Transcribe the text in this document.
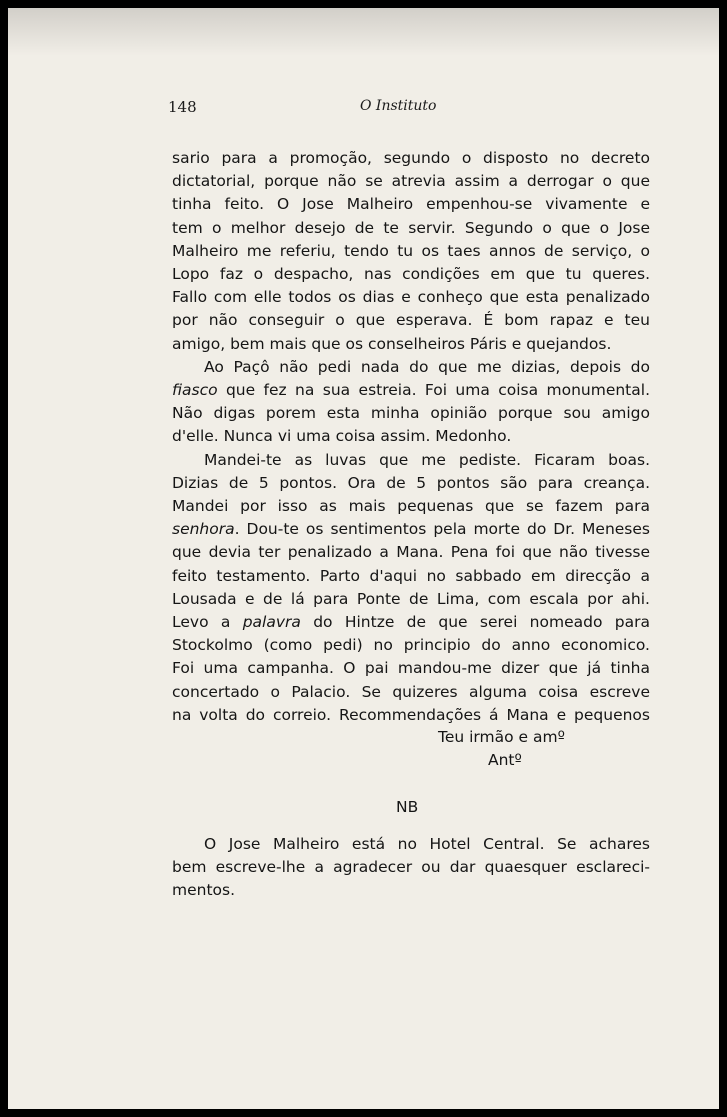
148	O Instituto
sario para a promoção, segundo o disposto no decreto
dictatorial, porque não se atrevia assim a derrogar o que
tinha feito. O Jose Malheiro empenhou-se vivamente e
tem o melhor desejo de te servir. Segundo o que o Jose
Malheiro me referiu, tendo tu os taes annos de serviço, o
Lopo faz o despacho, nas condições em que tu queres.
Fallo com elle todos os dias e conheço que esta penalizado
por não conseguir o que esperava. É bom rapaz e teu
amigo, bem mais que os conselheiros Páris e quejandos.
Ao Paçô não pedi nada do que me dizias, depois do
fiasco que fez na sua estreia. Foi uma coisa monumental.
Não digas porem esta minha opinião porque sou amigo
d'elle. Nunca vi uma coisa assim. Medonho.
Mandei-te as luvas que me pediste. Ficaram boas.
Dizias de 5 pontos. Ora de 5 pontos são para creança.
Mandei por isso as mais pequenas que se fazem para
senhora. Dou-te os sentimentos pela morte do Dr. Meneses
que devia ter penalizado a Mana. Pena foi que não tivesse
feito testamento. Parto d'aqui no sabbado em direcção a
Lousada e de lá para Ponte de Lima, com escala por ahi.
Levo a palavra do Hintze de que serei nomeado para
Stockolmo (como pedi) no principio do anno economico.
Foi uma campanha. O pai mandou-me dizer que já tinha
concertado o Palacio. Se quizeres alguma coisa escreve
na volta do correio. Recommendações á Mana e pequenos
Teu irmão e amº
Antº
NB
O Jose Malheiro está no Hotel Central. Se achares
bem escreve-lhe a agradecer ou dar quaesquer esclareci-
mentos.
